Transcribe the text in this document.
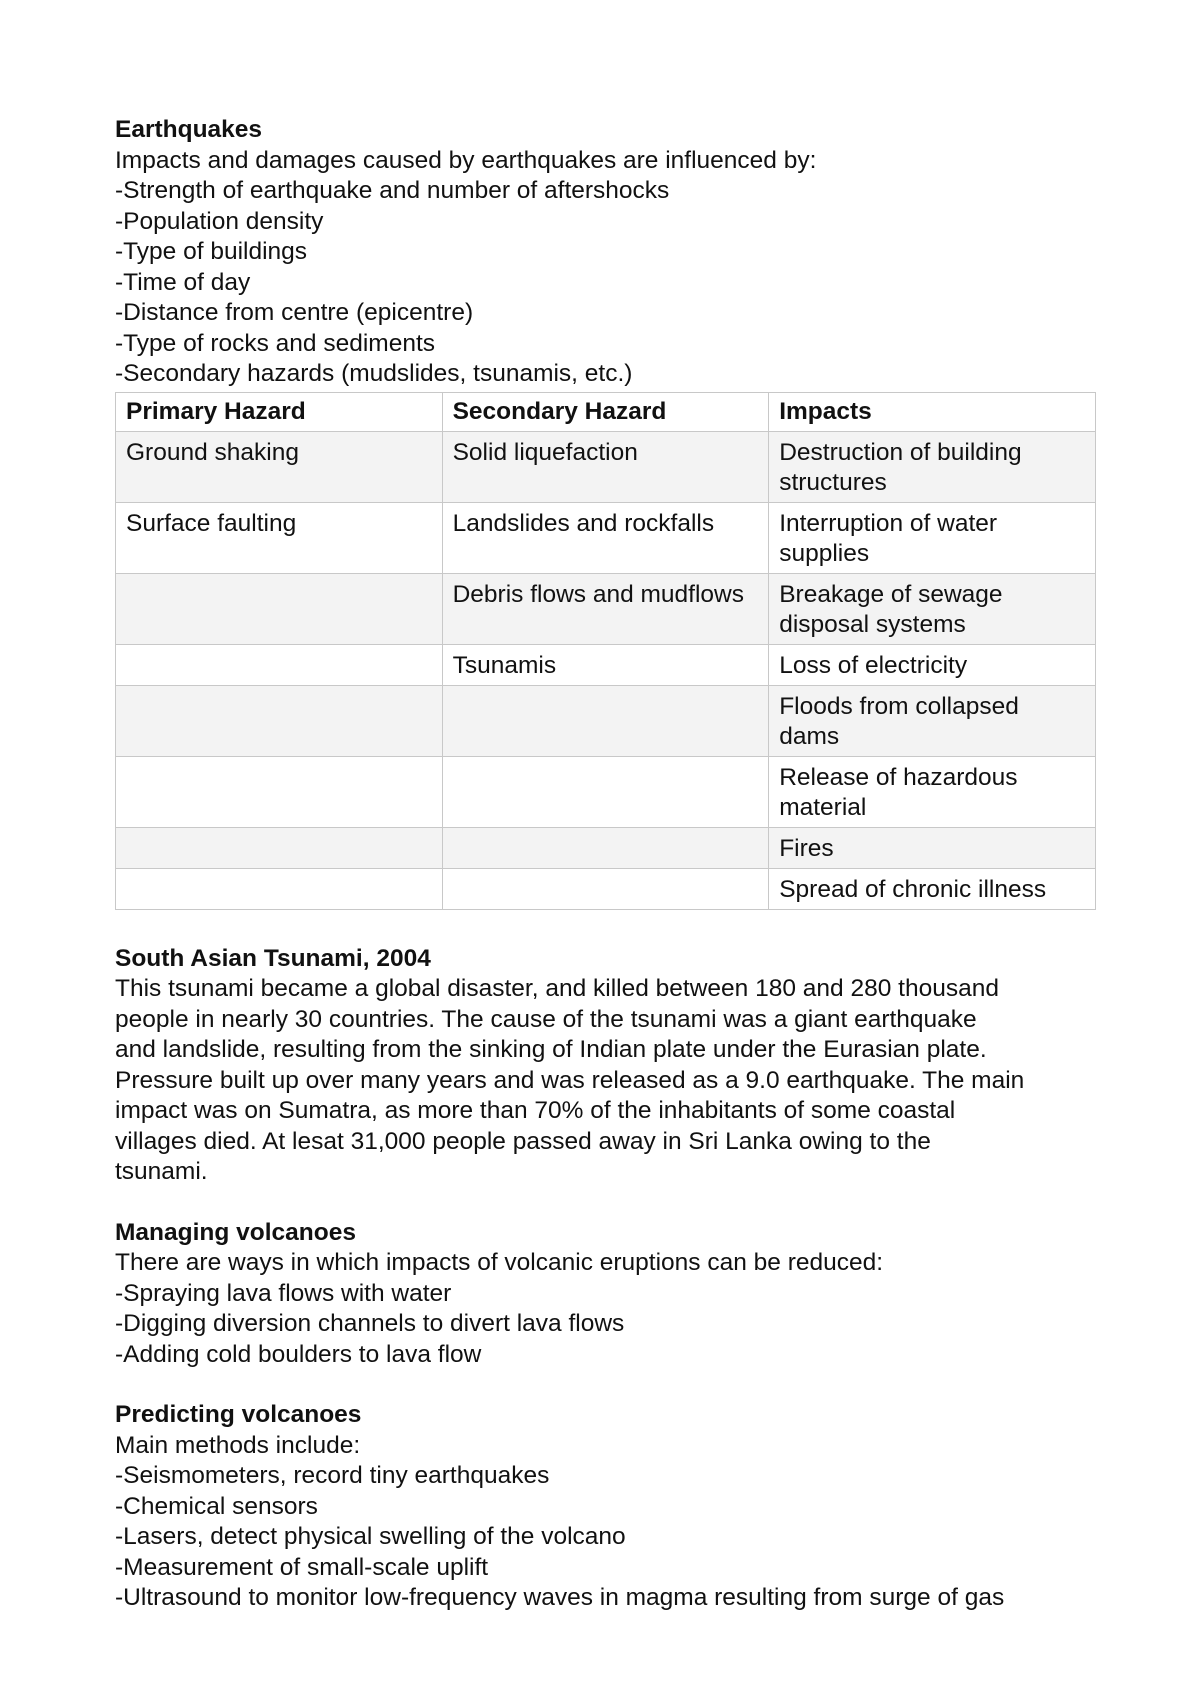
Earthquakes
Impacts and damages caused by earthquakes are influenced by:
-Strength of earthquake and number of aftershocks
-Population density
-Type of buildings
-Time of day
-Distance from centre (epicentre)
-Type of rocks and sediments
-Secondary hazards (mudslides, tsunamis, etc.)
Primary Hazard	Secondary Hazard	Impacts
Ground shaking	Solid liquefaction	Destruction of building structures
Surface faulting	Landslides and rockfalls	Interruption of water supplies
	Debris flows and mudflows	Breakage of sewage disposal systems
	Tsunamis	Loss of electricity
		Floods from collapsed dams
		Release of hazardous material
		Fires
		Spread of chronic illness
South Asian Tsunami, 2004
This tsunami became a global disaster, and killed between 180 and 280 thousand
people in nearly 30 countries. The cause of the tsunami was a giant earthquake
and landslide, resulting from the sinking of Indian plate under the Eurasian plate.
Pressure built up over many years and was released as a 9.0 earthquake. The main
impact was on Sumatra, as more than 70% of the inhabitants of some coastal
villages died. At lesat 31,000 people passed away in Sri Lanka owing to the
tsunami.
Managing volcanoes
There are ways in which impacts of volcanic eruptions can be reduced:
-Spraying lava flows with water
-Digging diversion channels to divert lava flows
-Adding cold boulders to lava flow
Predicting volcanoes
Main methods include:
-Seismometers, record tiny earthquakes
-Chemical sensors
-Lasers, detect physical swelling of the volcano
-Measurement of small-scale uplift
-Ultrasound to monitor low-frequency waves in magma resulting from surge of gas
